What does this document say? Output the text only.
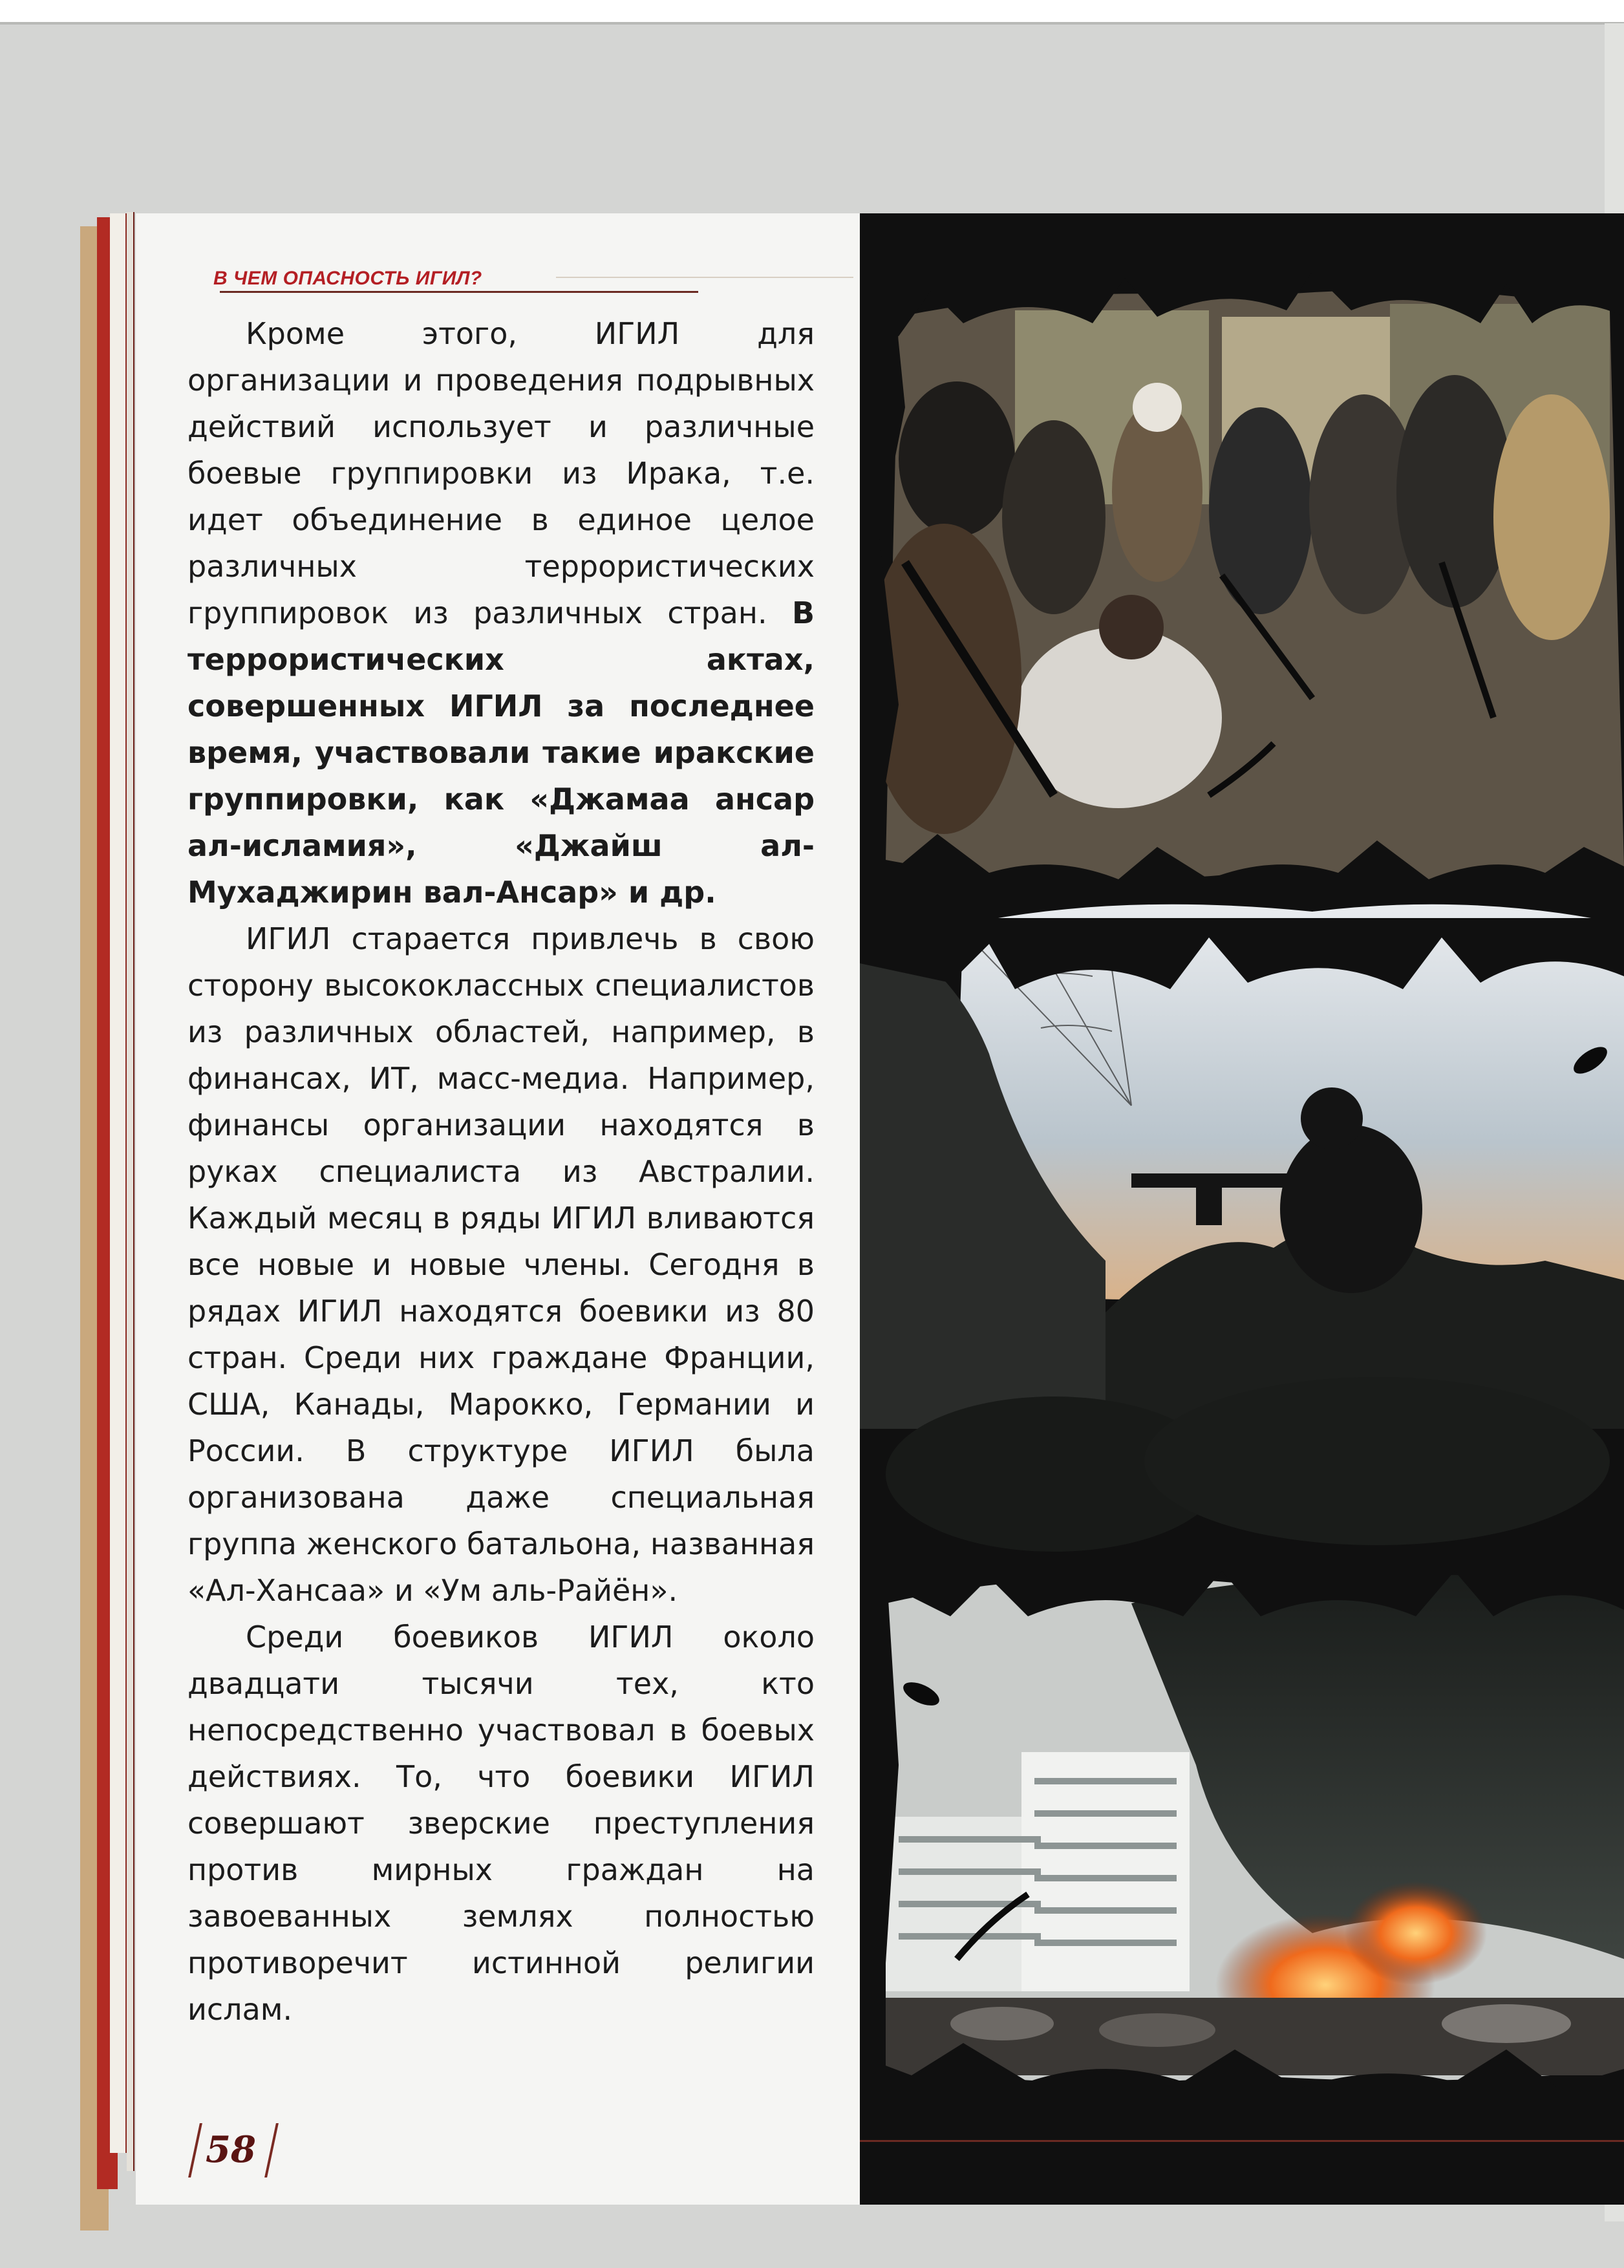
В ЧЕМ ОПАСНОСТЬ ИГИЛ?

Кроме этого, ИГИЛ для организации и проведения подрывных действий использует и различные боевые группировки из Ирака, т.е. идет объединение в единое целое различных террористических группировок из различных стран. В террористических актах, совершенных ИГИЛ за последнее время, участвовали такие иракские группировки, как «Джамаа ансар ал-исламия», «Джайш ал-Мухаджирин вал-Ансар» и др.

ИГИЛ старается привлечь в свою сторону высококлассных специалистов из различных областей, например, в финансах, ИТ, масс-медиа. Например, финансы организации находятся в руках специалиста из Австралии. Каждый месяц в ряды ИГИЛ вливаются все новые и новые члены. Сегодня в рядах ИГИЛ находятся боевики из 80 стран. Среди них граждане Франции, США, Канады, Марокко, Германии и России. В структуре ИГИЛ была организована даже специальная группа женского батальона, названная «Ал-Хансаа» и «Ум аль-Райён».

Среди боевиков ИГИЛ около двадцати тысячи тех, кто непосредственно участвовал в боевых действиях. То, что боевики ИГИЛ совершают зверские преступления против мирных граждан на завоеванных землях полностью противоречит истинной религии ислам.

58
